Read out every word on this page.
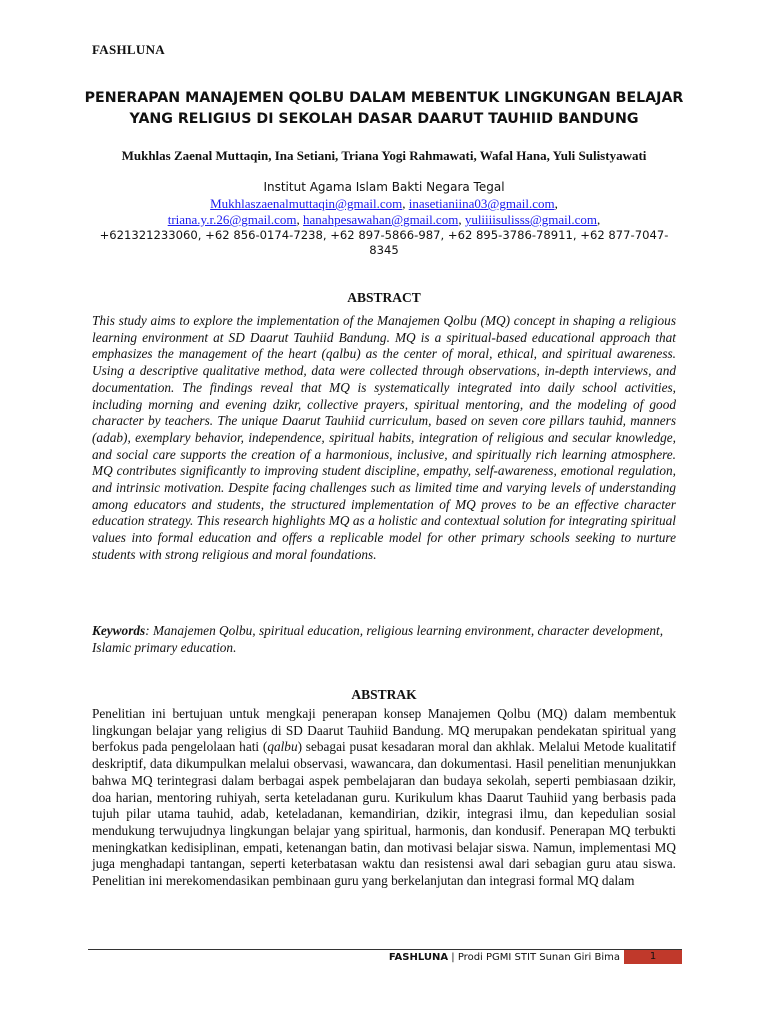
FASHLUNA
PENERAPAN MANAJEMEN QOLBU DALAM MEBENTUK LINGKUNGAN BELAJAR YANG RELIGIUS DI SEKOLAH DASAR DAARUT TAUHIID BANDUNG
Mukhlas Zaenal Muttaqin, Ina Setiani, Triana Yogi Rahmawati, Wafal Hana, Yuli Sulistyawati
Institut Agama Islam Bakti Negara Tegal
Mukhlaszaenalmuttaqin@gmail.com, inasetianiina03@gmail.com,
triana.y.r.26@gmail.com, hanahpesawahan@gmail.com, yuliiiisulisss@gmail.com,
+621321233060, +62 856-0174-7238, +62 897-5866-987, +62 895-3786-78911, +62 877-7047-8345
ABSTRACT
This study aims to explore the implementation of the Manajemen Qolbu (MQ) concept in shaping a religious learning environment at SD Daarut Tauhiid Bandung. MQ is a spiritual-based educational approach that emphasizes the management of the heart (qalbu) as the center of moral, ethical, and spiritual awareness. Using a descriptive qualitative method, data were collected through observations, in-depth interviews, and documentation. The findings reveal that MQ is systematically integrated into daily school activities, including morning and evening dzikr, collective prayers, spiritual mentoring, and the modeling of good character by teachers. The unique Daarut Tauhiid curriculum, based on seven core pillars tauhid, manners (adab), exemplary behavior, independence, spiritual habits, integration of religious and secular knowledge, and social care supports the creation of a harmonious, inclusive, and spiritually rich learning atmosphere. MQ contributes significantly to improving student discipline, empathy, self-awareness, emotional regulation, and intrinsic motivation. Despite facing challenges such as limited time and varying levels of understanding among educators and students, the structured implementation of MQ proves to be an effective character education strategy. This research highlights MQ as a holistic and contextual solution for integrating spiritual values into formal education and offers a replicable model for other primary schools seeking to nurture students with strong religious and moral foundations.
Keywords: Manajemen Qolbu, spiritual education, religious learning environment, character development, Islamic primary education.
ABSTRAK
Penelitian ini bertujuan untuk mengkaji penerapan konsep Manajemen Qolbu (MQ) dalam membentuk lingkungan belajar yang religius di SD Daarut Tauhiid Bandung. MQ merupakan pendekatan spiritual yang berfokus pada pengelolaan hati (qalbu) sebagai pusat kesadaran moral dan akhlak. Melalui Metode kualitatif deskriptif, data dikumpulkan melalui observasi, wawancara, dan dokumentasi. Hasil penelitian menunjukkan bahwa MQ terintegrasi dalam berbagai aspek pembelajaran dan budaya sekolah, seperti pembiasaan dzikir, doa harian, mentoring ruhiyah, serta keteladanan guru. Kurikulum khas Daarut Tauhiid yang berbasis pada tujuh pilar utama tauhid, adab, keteladanan, kemandirian, dzikir, integrasi ilmu, dan kepedulian sosial mendukung terwujudnya lingkungan belajar yang spiritual, harmonis, dan kondusif. Penerapan MQ terbukti meningkatkan kedisiplinan, empati, ketenangan batin, dan motivasi belajar siswa. Namun, implementasi MQ juga menghadapi tantangan, seperti keterbatasan waktu dan resistensi awal dari sebagian guru atau siswa. Penelitian ini merekomendasikan pembinaan guru yang berkelanjutan dan integrasi formal MQ dalam
FASHLUNA | Prodi PGMI STIT Sunan Giri Bima	1
